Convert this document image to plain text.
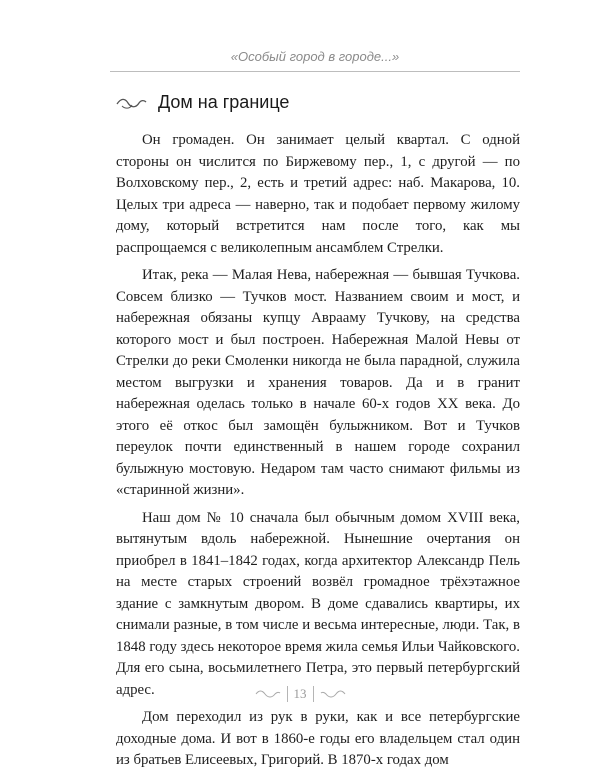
«Особый город в городе...»
Дом на границе

Он громаден. Он занимает целый квартал. С одной стороны он числится по Биржевому пер., 1, с другой — по Волховскому пер., 2, есть и третий адрес: наб. Макарова, 10. Целых три адреса — наверно, так и подобает первому жилому дому, который встретится нам после того, как мы распрощаемся с великолепным ансамблем Стрелки.

Итак, река — Малая Нева, набережная — бывшая Тучкова. Совсем близко — Тучков мост. Названием своим и мост, и набережная обязаны купцу Аврааму Тучкову, на средства которого мост и был построен. Набережная Малой Невы от Стрелки до реки Смоленки никогда не была парадной, служила местом выгрузки и хранения товаров. Да и в гранит набережная оделась только в начале 60-х годов XX века. До этого её откос был замощён булыжником. Вот и Тучков переулок почти единственный в нашем городе сохранил булыжную мостовую. Недаром там часто снимают фильмы из «старинной жизни».

Наш дом № 10 сначала был обычным домом XVIII века, вытянутым вдоль набережной. Нынешние очертания он приобрел в 1841–1842 годах, когда архитектор Александр Пель на месте старых строений возвёл громадное трёхэтажное здание с замкнутым двором. В доме сдавались квартиры, их снимали разные, в том числе и весьма интересные, люди. Так, в 1848 году здесь некоторое время жила семья Ильи Чайковского. Для его сына, восьмилетнего Петра, это первый петербургский адрес.

Дом переходил из рук в руки, как и все петербургские доходные дома. И вот в 1860-е годы его владельцем стал один из братьев Елисеевых, Григорий. В 1870-х годах дом

13
